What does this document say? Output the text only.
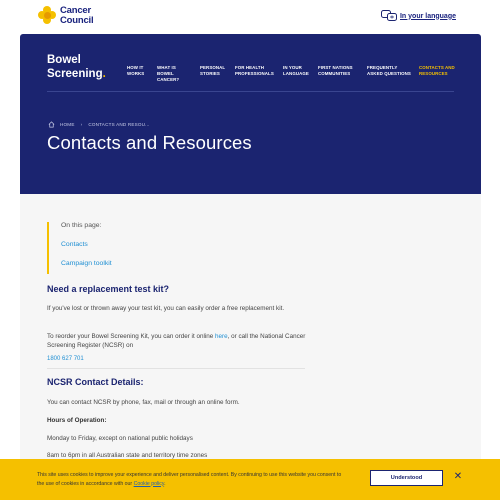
Cancer
Council	In your language
Bowel
Screening.	HOW IT
WORKS
WHAT IS
BOWEL
CANCER?
PERSONAL
STORIES
FOR HEALTH
PROFESSIONALS
IN YOUR
LANGUAGE
FIRST NATIONS
COMMUNITIES
FREQUENTLY
ASKED QUESTIONS
CONTACTS AND
RESOURCES
HOME › CONTACTS AND RESOU...
Contacts and Resources
On this page:
Contacts
Campaign toolkit
Need a replacement test kit?
If you've lost or thrown away your test kit, you can easily order a free replacement kit.
To reorder your Bowel Screening Kit, you can order it online here, or call the National Cancer Screening Register (NCSR) on
1800 627 701
NCSR Contact Details:
You can contact NCSR by phone, fax, mail or through an online form.
Hours of Operation:
Monday to Friday, except on national public holidays
8am to 6pm in all Australian state and territory time zones
This site uses cookies to improve your experience and deliver personalised content. By continuing to use this website you consent to the use of cookies in accordance with our Cookie policy.
Understood	✕
